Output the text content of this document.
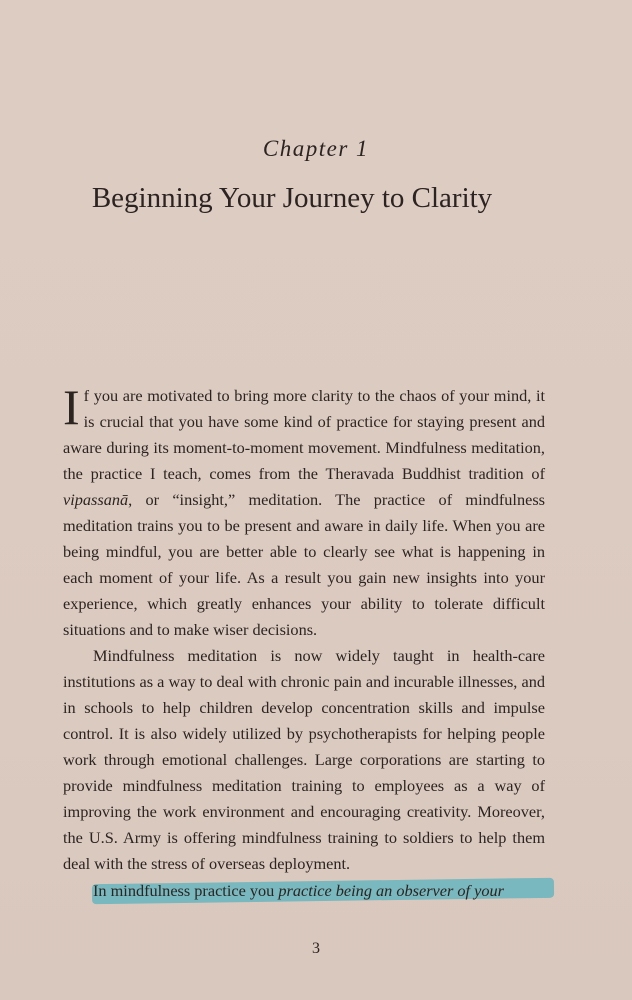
Chapter 1
Beginning Your Journey to Clarity

If you are motivated to bring more clarity to the chaos of your mind, it is crucial that you have some kind of practice for staying present and aware during its moment-to-moment movement. Mindfulness meditation, the practice I teach, comes from the Theravada Buddhist tradition of vipassanā, or “insight,” meditation. The practice of mindfulness meditation trains you to be present and aware in daily life. When you are being mindful, you are better able to clearly see what is happening in each moment of your life. As a result you gain new insights into your experience, which greatly enhances your ability to tolerate difficult situations and to make wiser decisions.

Mindfulness meditation is now widely taught in health-care institutions as a way to deal with chronic pain and incurable illnesses, and in schools to help children develop concentration skills and impulse control. It is also widely utilized by psychotherapists for helping people work through emotional challenges. Large corporations are starting to provide mindfulness meditation training to employees as a way of improving the work environment and encouraging creativity. Moreover, the U.S. Army is offering mindfulness training to soldiers to help them deal with the stress of overseas deployment.

In mindfulness practice you practice being an observer of your
3
